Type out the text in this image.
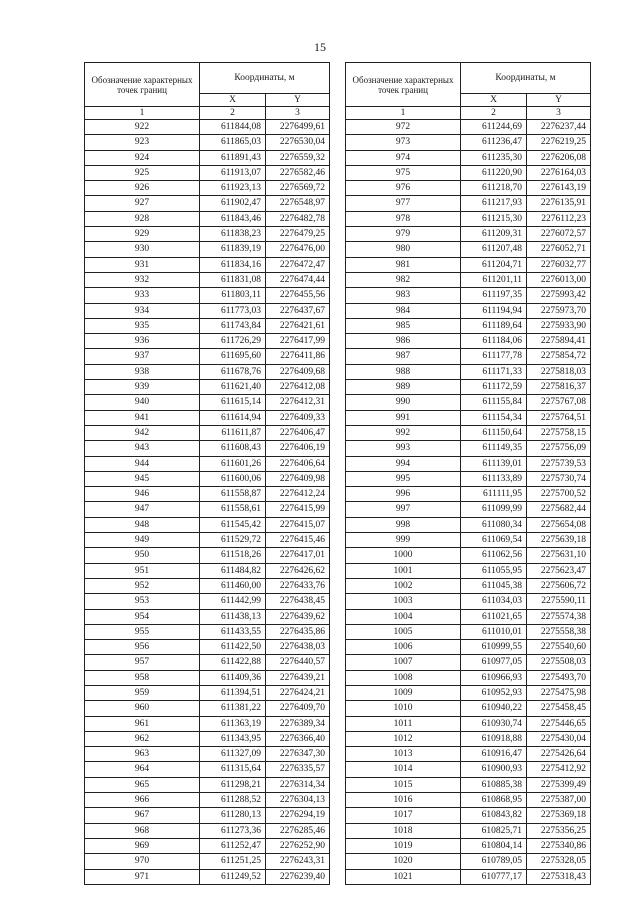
15
Обозначение характерных точек границ	Координаты, м	
	X	Y
1	2	3
922	611844,08	2276499,61
923	611865,03	2276530,04
924	611891,43	2276559,32
925	611913,07	2276582,46
926	611923,13	2276569,72
927	611902,47	2276548,97
928	611843,46	2276482,78
929	611838,23	2276479,25
930	611839,19	2276476,00
931	611834,16	2276472,47
932	611831,08	2276474,44
933	611803,11	2276455,56
934	611773,03	2276437,67
935	611743,84	2276421,61
936	611726,29	2276417,99
937	611695,60	2276411,86
938	611678,76	2276409,68
939	611621,40	2276412,08
940	611615,14	2276412,31
941	611614,94	2276409,33
942	611611,87	2276406,47
943	611608,43	2276406,19
944	611601,26	2276406,64
945	611600,06	2276409,98
946	611558,87	2276412,24
947	611558,61	2276415,99
948	611545,42	2276415,07
949	611529,72	2276415,46
950	611518,26	2276417,01
951	611484,82	2276426,62
952	611460,00	2276433,76
953	611442,99	2276438,45
954	611438,13	2276439,62
955	611433,55	2276435,86
956	611422,50	2276438,03
957	611422,88	2276440,57
958	611409,36	2276439,21
959	611394,51	2276424,21
960	611381,22	2276409,70
961	611363,19	2276389,34
962	611343,95	2276366,40
963	611327,09	2276347,30
964	611315,64	2276335,57
965	611298,21	2276314,34
966	611288,52	2276304,13
967	611280,13	2276294,19
968	611273,36	2276285,46
969	611252,47	2276252,90
970	611251,25	2276243,31
971	611249,52	2276239,40
Обозначение характерных точек границ	Координаты, м	
	X	Y
1	2	3
972	611244,69	2276237,44
973	611236,47	2276219,25
974	611235,30	2276206,08
975	611220,90	2276164,03
976	611218,70	2276143,19
977	611217,93	2276135,91
978	611215,30	2276112,23
979	611209,31	2276072,57
980	611207,48	2276052,71
981	611204,71	2276032,77
982	611201,11	2276013,00
983	611197,35	2275993,42
984	611194,94	2275973,70
985	611189,64	2275933,90
986	611184,06	2275894,41
987	611177,78	2275854,72
988	611171,33	2275818,03
989	611172,59	2275816,37
990	611155,84	2275767,08
991	611154,34	2275764,51
992	611150,64	2275758,15
993	611149,35	2275756,09
994	611139,01	2275739,53
995	611133,89	2275730,74
996	611111,95	2275700,52
997	611099,99	2275682,44
998	611080,34	2275654,08
999	611069,54	2275639,18
1000	611062,56	2275631,10
1001	611055,95	2275623,47
1002	611045,38	2275606,72
1003	611034,03	2275590,11
1004	611021,65	2275574,38
1005	611010,01	2275558,38
1006	610999,55	2275540,60
1007	610977,05	2275508,03
1008	610966,93	2275493,70
1009	610952,93	2275475,98
1010	610940,22	2275458,45
1011	610930,74	2275446,65
1012	610918,88	2275430,04
1013	610916,47	2275426,64
1014	610900,93	2275412,92
1015	610885,38	2275399,49
1016	610868,95	2275387,00
1017	610843,82	2275369,18
1018	610825,71	2275356,25
1019	610804,14	2275340,86
1020	610789,05	2275328,05
1021	610777,17	2275318,43
